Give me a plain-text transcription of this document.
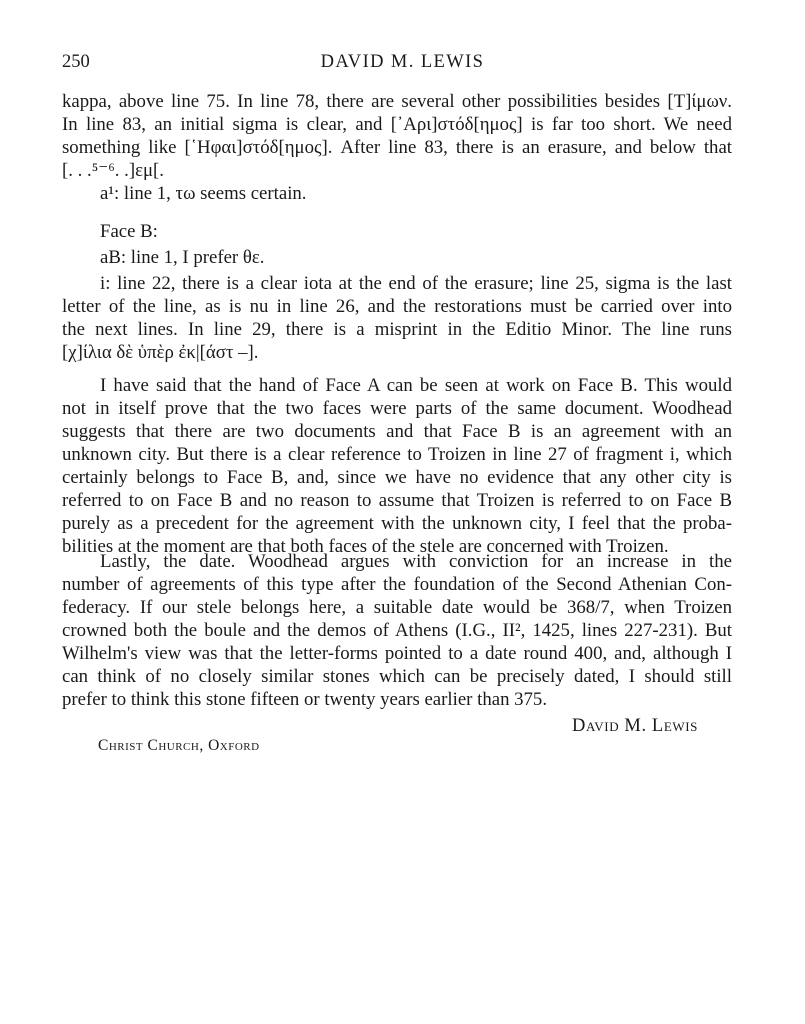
250	DAVID M. LEWIS
kappa, above line 75. In line 78, there are several other possibilities besides [T]ίμων.
In line 83, an initial sigma is clear, and [᾿Αρι]στόδ[ημος] is far too short. We need
something like [῾Ηφαι]στόδ[ημος]. After line 83, there is an erasure, and below that
[. . .⁵⁻⁶. .]εμ[.
a¹: line 1, τω seems certain.
Face B:
aB: line 1, I prefer θε.
i: line 22, there is a clear iota at the end of the erasure; line 25, sigma is the last
letter of the line, as is nu in line 26, and the restorations must be carried over into
the next lines. In line 29, there is a misprint in the Editio Minor. The line runs
[χ]ίλια δὲ ὑπὲρ ἐκ|[άστ –].
I have said that the hand of Face A can be seen at work on Face B. This would
not in itself prove that the two faces were parts of the same document. Woodhead
suggests that there are two documents and that Face B is an agreement with an
unknown city. But there is a clear reference to Troizen in line 27 of fragment i, which
certainly belongs to Face B, and, since we have no evidence that any other city is
referred to on Face B and no reason to assume that Troizen is referred to on Face B
purely as a precedent for the agreement with the unknown city, I feel that the proba-
bilities at the moment are that both faces of the stele are concerned with Troizen.
Lastly, the date. Woodhead argues with conviction for an increase in the
number of agreements of this type after the foundation of the Second Athenian Con-
federacy. If our stele belongs here, a suitable date would be 368/7, when Troizen
crowned both the boule and the demos of Athens (I.G., II², 1425, lines 227-231). But
Wilhelm's view was that the letter-forms pointed to a date round 400, and, although I
can think of no closely similar stones which can be precisely dated, I should still
prefer to think this stone fifteen or twenty years earlier than 375.
David M. Lewis
Christ Church, Oxford
